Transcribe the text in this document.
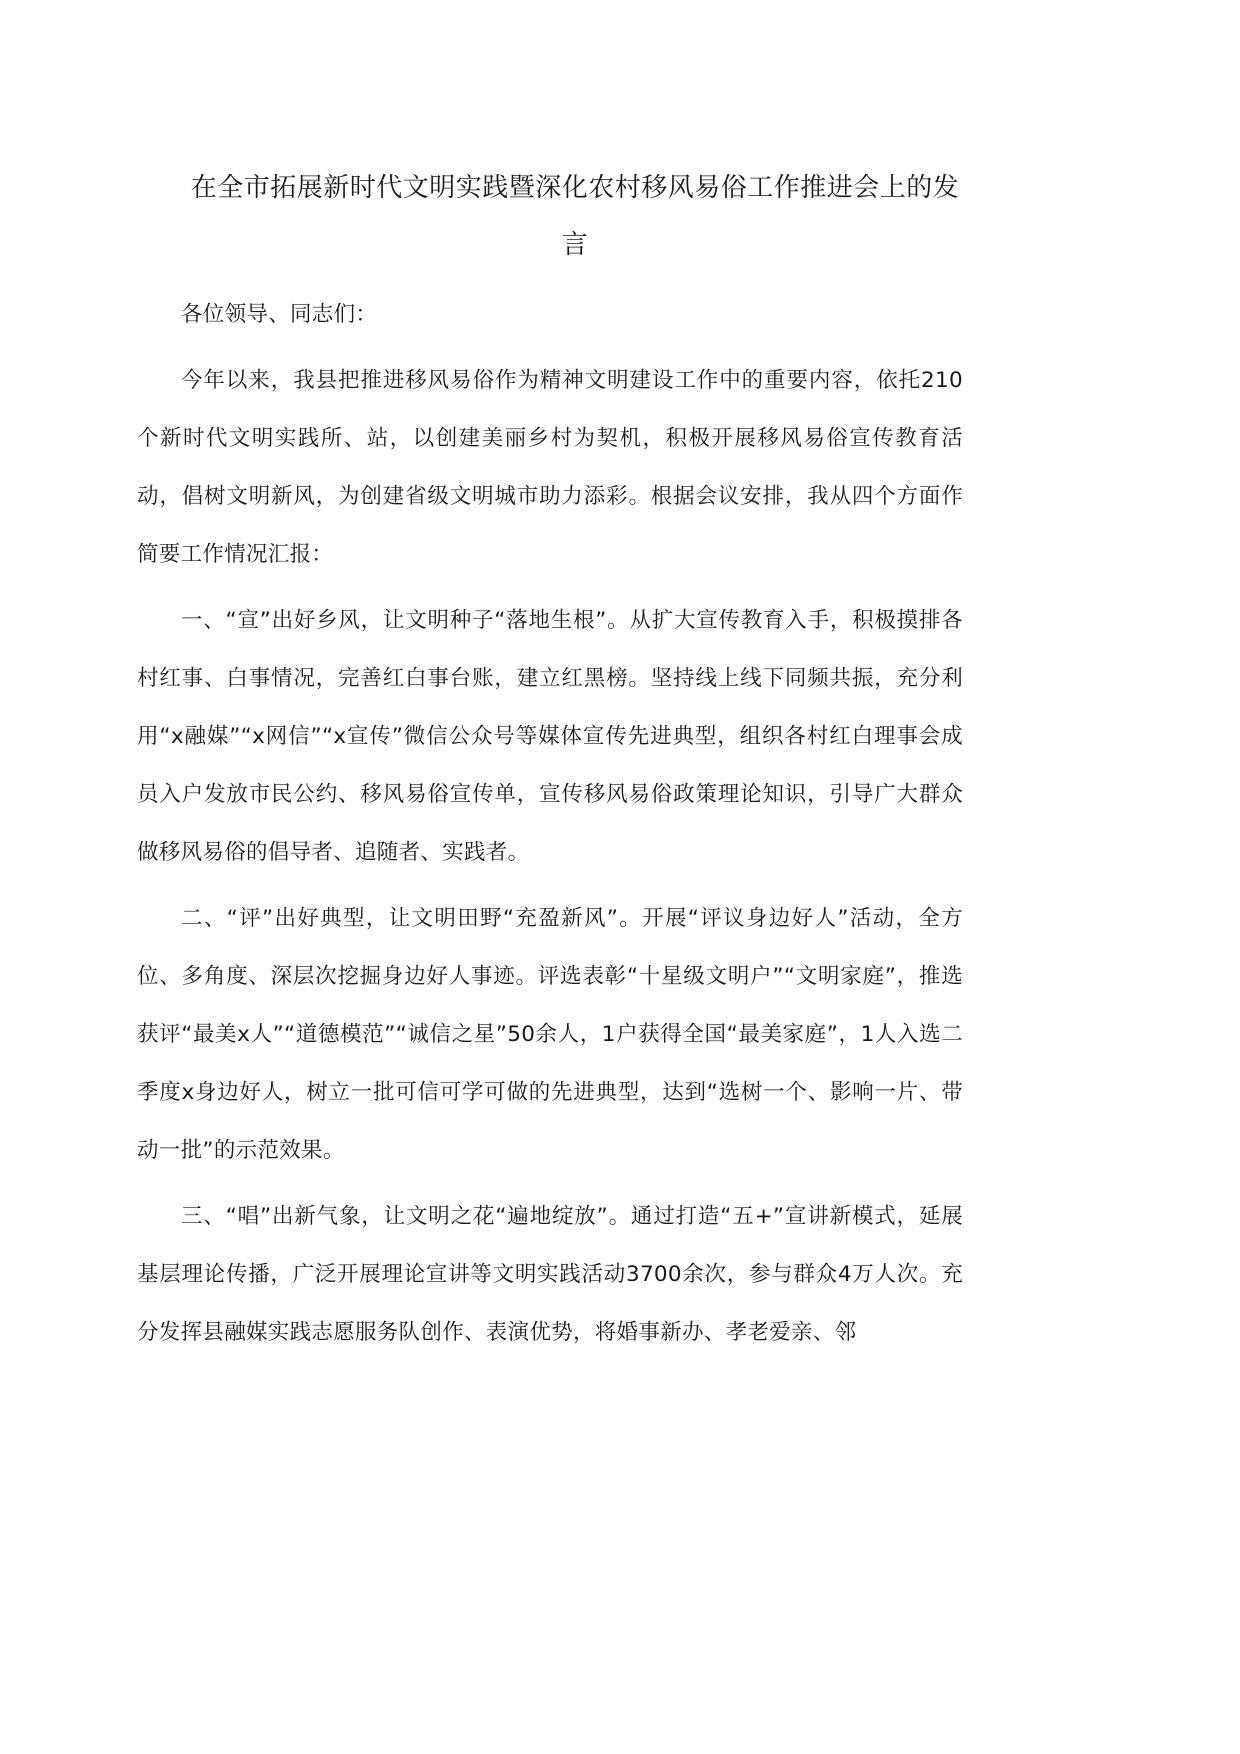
在全市拓展新时代文明实践暨深化农村移风易俗工作推进会上的发言

各位领导、同志们：

今年以来，我县把推进移风易俗作为精神文明建设工作中的重要内容，依托210个新时代文明实践所、站，以创建美丽乡村为契机，积极开展移风易俗宣传教育活动，倡树文明新风，为创建省级文明城市助力添彩。根据会议安排，我从四个方面作简要工作情况汇报：

一、“宣”出好乡风，让文明种子“落地生根”。从扩大宣传教育入手，积极摸排各村红事、白事情况，完善红白事台账，建立红黑榜。坚持线上线下同频共振，充分利用“x融媒”“x网信”“x宣传”微信公众号等媒体宣传先进典型，组织各村红白理事会成员入户发放市民公约、移风易俗宣传单，宣传移风易俗政策理论知识，引导广大群众做移风易俗的倡导者、追随者、实践者。

二、“评”出好典型，让文明田野“充盈新风”。开展“评议身边好人”活动，全方位、多角度、深层次挖掘身边好人事迹。评选表彰“十星级文明户”“文明家庭”，推选获评“最美x人”“道德模范”“诚信之星”50余人，1户获得全国“最美家庭”，1人入选二季度x身边好人，树立一批可信可学可做的先进典型，达到“选树一个、影响一片、带动一批”的示范效果。

三、“唱”出新气象，让文明之花“遍地绽放”。通过打造“五+”宣讲新模式，延展基层理论传播，广泛开展理论宣讲等文明实践活动3700余次，参与群众4万人次。充分发挥县融媒实践志愿服务队创作、表演优势，将婚事新办、孝老爱亲、邻
